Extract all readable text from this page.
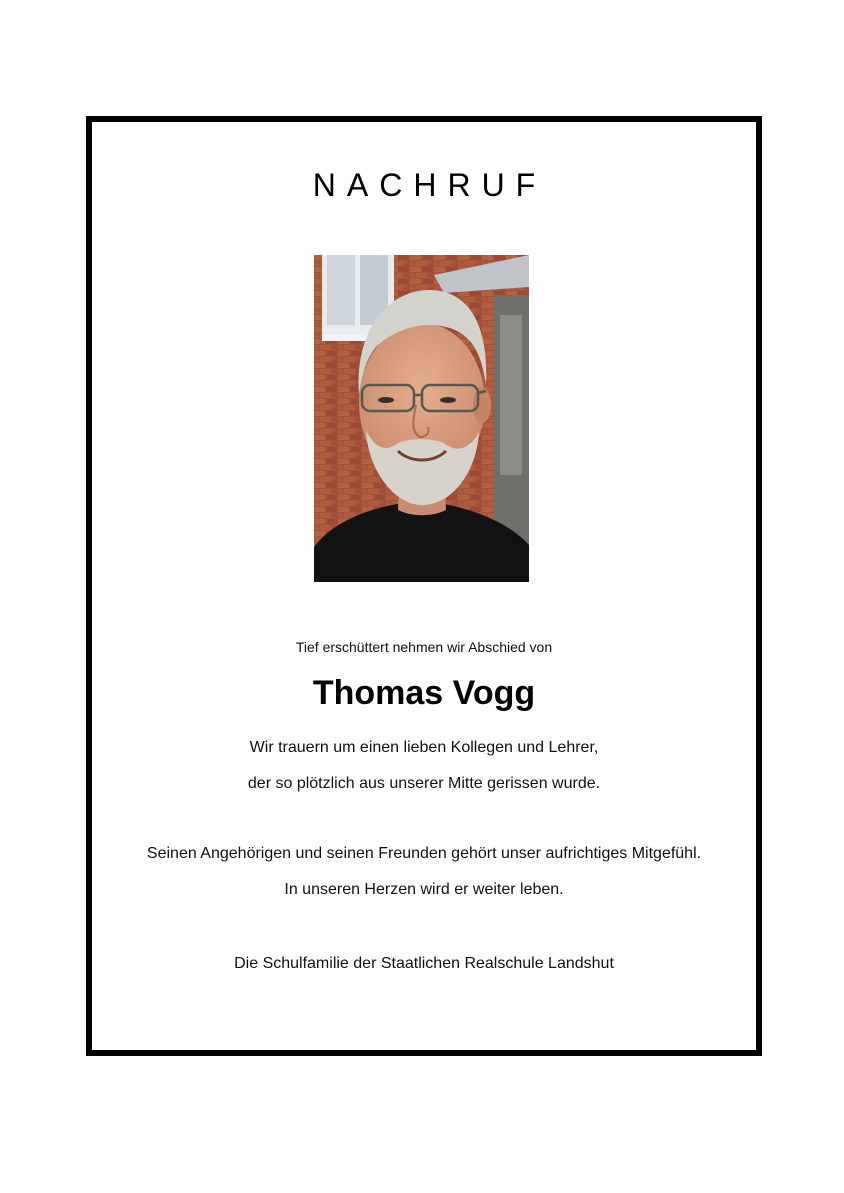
NACHRUF
Tief erschüttert nehmen wir Abschied von
Thomas Vogg
Wir trauern um einen lieben Kollegen und Lehrer,
der so plötzlich aus unserer Mitte gerissen wurde.
Seinen Angehörigen und seinen Freunden gehört unser aufrichtiges Mitgefühl.
In unseren Herzen wird er weiter leben.
Die Schulfamilie der Staatlichen Realschule Landshut
